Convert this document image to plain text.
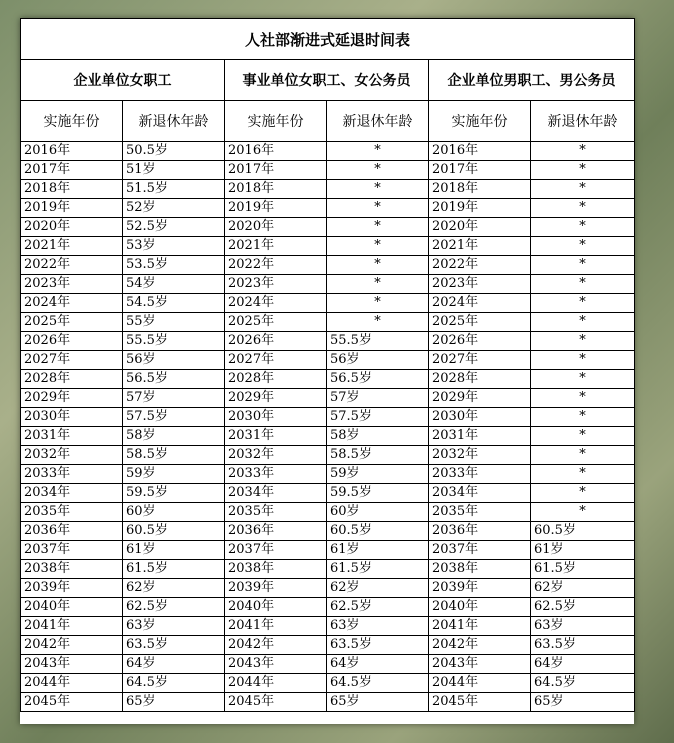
人社部渐进式延退时间表					
企业单位女职工		事业单位女职工、女公务员		企业单位男职工、男公务员	
实施年份	新退休年龄	实施年份	新退休年龄	实施年份	新退休年龄
2016年	50.5岁	2016年	*	2016年	*
2017年	51岁	2017年	*	2017年	*
2018年	51.5岁	2018年	*	2018年	*
2019年	52岁	2019年	*	2019年	*
2020年	52.5岁	2020年	*	2020年	*
2021年	53岁	2021年	*	2021年	*
2022年	53.5岁	2022年	*	2022年	*
2023年	54岁	2023年	*	2023年	*
2024年	54.5岁	2024年	*	2024年	*
2025年	55岁	2025年	*	2025年	*
2026年	55.5岁	2026年	55.5岁	2026年	*
2027年	56岁	2027年	56岁	2027年	*
2028年	56.5岁	2028年	56.5岁	2028年	*
2029年	57岁	2029年	57岁	2029年	*
2030年	57.5岁	2030年	57.5岁	2030年	*
2031年	58岁	2031年	58岁	2031年	*
2032年	58.5岁	2032年	58.5岁	2032年	*
2033年	59岁	2033年	59岁	2033年	*
2034年	59.5岁	2034年	59.5岁	2034年	*
2035年	60岁	2035年	60岁	2035年	*
2036年	60.5岁	2036年	60.5岁	2036年	60.5岁
2037年	61岁	2037年	61岁	2037年	61岁
2038年	61.5岁	2038年	61.5岁	2038年	61.5岁
2039年	62岁	2039年	62岁	2039年	62岁
2040年	62.5岁	2040年	62.5岁	2040年	62.5岁
2041年	63岁	2041年	63岁	2041年	63岁
2042年	63.5岁	2042年	63.5岁	2042年	63.5岁
2043年	64岁	2043年	64岁	2043年	64岁
2044年	64.5岁	2044年	64.5岁	2044年	64.5岁
2045年	65岁	2045年	65岁	2045年	65岁
